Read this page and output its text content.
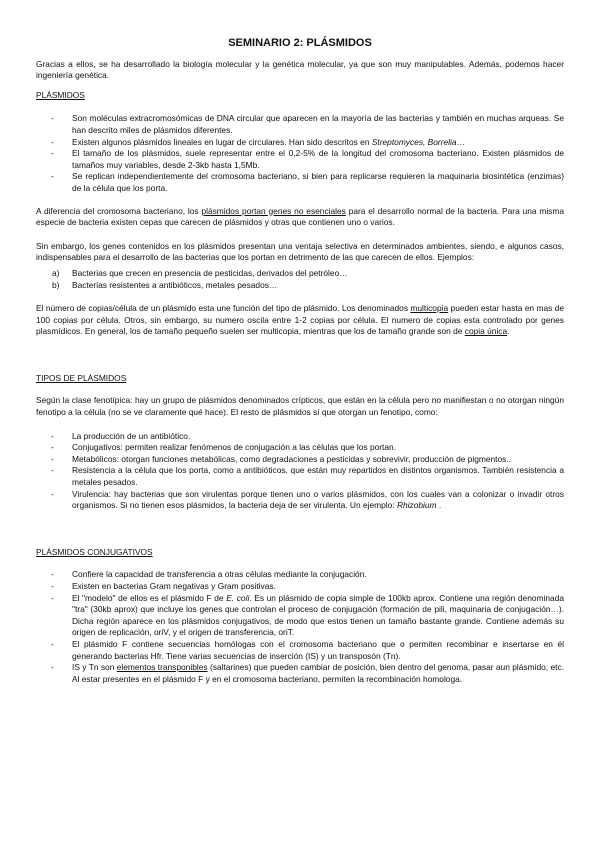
SEMINARIO 2: PLÁSMIDOS

Gracias a ellos, se ha desarrollado la biología molecular y la genética molecular, ya que son muy manipulables. Además, podemos hacer ingeniería genética.

PLÁSMIDOS
- Son moléculas extracromosómicas de DNA circular que aparecen en la mayoría de las bacterias y también en muchas arqueas. Se han descrito miles de plásmidos diferentes.
- Existen algunos plásmidos lineales en lugar de circulares. Han sido descritos en Streptomyces, Borrelia…
- El tamaño de los plásmidos, suele representar entre el 0,2-5% de la longitud del cromosoma bacteriano. Existen plásmidos de tamaños muy variables, desde 2-3kb hasta 1,5Mb.
- Se replican independientemente del cromosoma bacteriano, si bien para replicarse requieren la maquinaria biosintética (enzimas) de la célula que los porta.

A diferencia del cromosoma bacteriano, los plásmidos portan genes no esenciales para el desarrollo normal de la bacteria. Para una misma especie de bacteria existen cepas que carecen de plásmidos y otras que contienen uno o varios.

Sin embargo, los genes contenidos en los plásmidos presentan una ventaja selectiva en determinados ambientes, siendo, e algunos casos, indispensables para el desarrollo de las bacterias que los portan en detrimento de las que carecen de ellos. Ejemplos:

a) Bacterias que crecen en presencia de pesticidas, derivados del petróleo…
b) Bacterias resistentes a antibióticos, metales pesados…

El número de copias/célula de un plásmido esta une función del tipo de plásmido. Los denominados multicopia pueden estar hasta en mas de 100 copias por célula. Otros, sin embargo, su numero oscila entre 1-2 copias por célula. El numero de copias esta controlado por genes plasmídicos. En general, los de tamaño pequeño suelen ser multicopia, mientras que los de tamaño grande son de copia única.

TIPOS DE PLÁSMIDOS

Según la clase fenotípica: hay un grupo de plásmidos denominados crípticos, que están en la célula pero no manifiestan o no otorgan ningún fenotipo a la célula (no se ve claramente qué hace). El resto de plásmidos sí que otorgan un fenotipo, como:

- La producción de un antibiótico.
- Conjugativos: permiten realizar fenómenos de conjugación a las células que los portan.
- Metabólicos: otorgan funciones metabólicas, como degradaciones a pesticidas y sobrevivir, producción de pigmentos..
- Resistencia a la célula que los porta, como a antibióticos, que están muy repartidos en distintos organismos. También resistencia a metales pesados.
- Virulencia: hay bacterias que son virulentas porque tienen uno o varios plásmidos, con los cuales van a colonizar o invadir otros organismos. Si no tienen esos plásmidos, la bacteria deja de ser virulenta. Un ejemplo: Rhizobium .
PLÁSMIDOS CONJUGATIVOS
- Confiere la capacidad de transferencia a otras células mediante la conjugación.
- Existen en bacterias Gram negativas y Gram positivas.
- El "modelo" de ellos es el plásmido F de E. coli. Es un plásmido de copia simple de 100kb aprox. Contiene una región denominada "tra" (30kb aprox) que incluye los genes que controlan el proceso de conjugación (formación de pili, maquinaria de conjugación…). Dicha región aparece en los plásmidos conjugativos, de modo que estos tienen un tamaño bastante grande. Contiene además su origen de replicación, oriV, y el origen de transferencia, oriT.
- El plásmido F contiene secuencias homólogas con el cromosoma bacteriano que o permiten recombinar e insertarse en él generando bacterias Hfr. Tiene varias secuencias de inserción (IS) y un transposón (Tn).
- IS y Tn son elementos transponibles (saltarines) que pueden cambiar de posición, bien dentro del genoma, pasar aun plásmido, etc. Al estar presentes en el plásmido F y en el cromosoma bacteriano, permiten la recombinación homologa.
